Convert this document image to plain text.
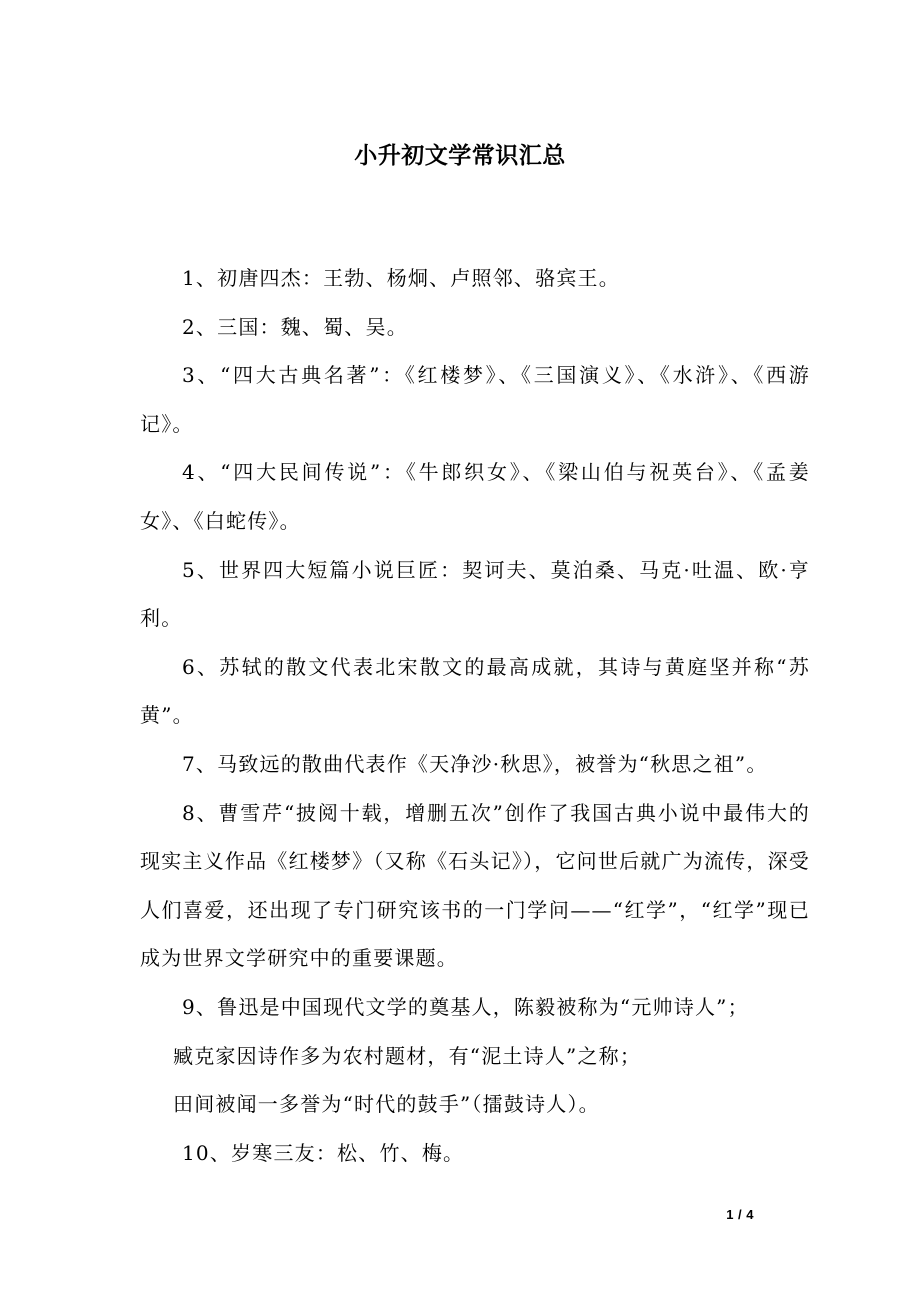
小升初文学常识汇总

1、初唐四杰：王勃、杨炯、卢照邻、骆宾王。

2、三国：魏、蜀、吴。

3、“四大古典名著”：《红楼梦》、《三国演义》、《水浒》、《西游记》。

4、“四大民间传说”：《牛郎织女》、《梁山伯与祝英台》、《孟姜女》、《白蛇传》。

5、世界四大短篇小说巨匠：契诃夫、莫泊桑、马克·吐温、欧·亨利。

6、苏轼的散文代表北宋散文的最高成就，其诗与黄庭坚并称“苏黄”。

7、马致远的散曲代表作《天净沙·秋思》，被誉为“秋思之祖”。

8、曹雪芹“披阅十载，增删五次”创作了我国古典小说中最伟大的现实主义作品《红楼梦》（又称《石头记》），它问世后就广为流传，深受人们喜爱，还出现了专门研究该书的一门学问——“红学”，“红学”现已成为世界文学研究中的重要课题。

9、鲁迅是中国现代文学的奠基人，陈毅被称为“元帅诗人”；

臧克家因诗作多为农村题材，有“泥土诗人”之称；

田间被闻一多誉为“时代的鼓手”（擂鼓诗人）。

10、岁寒三友：松、竹、梅。

1 / 4
